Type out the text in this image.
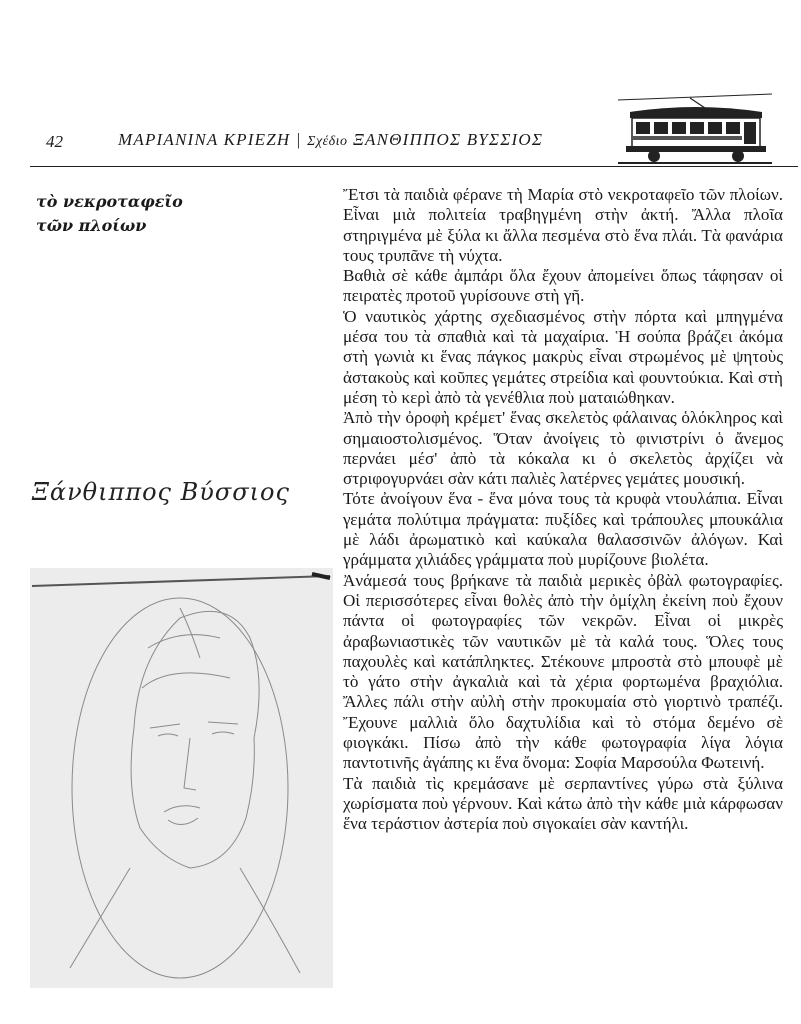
42	ΜΑΡΙΑΝΙΝΑ ΚΡΙΕΖΗ | Σχέδιο ΞΑΝΘΙΠΠΟΣ ΒΥΣΣΙΟΣ
τὸ νεκροταφεῖο
τῶν πλοίων
Ξάνθιππος Βύσσιος

Ἔτσι τὰ παιδιὰ φέρανε τὴ Μαρία στὸ νεκροταφεῖο τῶν πλοίων. Εἶναι μιὰ πολιτεία τραβηγμένη στὴν ἀκτή. Ἄλλα πλοῖα στηριγμένα μὲ ξύλα κι ἄλλα πεσμένα στὸ ἕνα πλάι. Τὰ φανάρια τους τρυπᾶνε τὴ νύχτα.

Βαθιὰ σὲ κάθε ἀμπάρι ὅλα ἔχουν ἀπομείνει ὅπως τάφησαν οἱ πειρατὲς προτοῦ γυρίσουνε στὴ γῆ.

Ὁ ναυτικὸς χάρτης σχεδιασμένος στὴν πόρτα καὶ μπηγμένα μέσα του τὰ σπαθιὰ καὶ τὰ μαχαίρια. Ἡ σούπα βράζει ἀκόμα στὴ γωνιὰ κι ἕνας πάγκος μακρὺς εἶναι στρωμένος μὲ ψητοὺς ἀστακοὺς καὶ κοῦπες γεμάτες στρείδια καὶ φουντούκια. Καὶ στὴ μέση τὸ κερὶ ἀπὸ τὰ γενέθλια ποὺ ματαιώθηκαν.

Ἀπὸ τὴν ὀροφὴ κρέμετ' ἕνας σκελετὸς φάλαινας ὁλόκληρος καὶ σημαιοστολισμένος. Ὅταν ἀνοίγεις τὸ φινιστρίνι ὁ ἄνεμος περνάει μέσ' ἀπὸ τὰ κόκαλα κι ὁ σκελετὸς ἀρχίζει νὰ στριφογυρνάει σὰν κάτι παλιὲς λατέρνες γεμάτες μουσική.

Τότε ἀνοίγουν ἕνα - ἕνα μόνα τους τὰ κρυφὰ ντουλάπια. Εἶναι γεμάτα πολύτιμα πράγματα: πυξίδες καὶ τράπουλες μπουκάλια μὲ λάδι ἀρωματικὸ καὶ καύκαλα θαλασσινῶν ἀλόγων. Καὶ γράμματα χιλιάδες γράμματα ποὺ μυρίζουνε βιολέτα.

Ἀνάμεσά τους βρήκανε τὰ παιδιὰ μερικὲς ὀβὰλ φωτογραφίες. Οἱ περισσότερες εἶναι θολὲς ἀπὸ τὴν ὀμίχλη ἐκείνη ποὺ ἔχουν πάντα οἱ φωτογραφίες τῶν νεκρῶν. Εἶναι οἱ μικρὲς ἀραβωνιαστικὲς τῶν ναυτικῶν μὲ τὰ καλά τους. Ὅλες τους παχουλὲς καὶ κατάπληκτες. Στέκουνε μπροστὰ στὸ μπουφὲ μὲ τὸ γάτο στὴν ἀγκαλιὰ καὶ τὰ χέρια φορτωμένα βραχιόλια. Ἄλλες πάλι στὴν αὐλὴ στὴν προκυμαία στὸ γιορτινὸ τραπέζι. Ἔχουνε μαλλιὰ ὅλο δαχτυλίδια καὶ τὸ στόμα δεμένο σὲ φιογκάκι. Πίσω ἀπὸ τὴν κάθε φωτογραφία λίγα λόγια παντοτινῆς ἀγάπης κι ἕνα ὄνομα: Σοφία Μαρσούλα Φωτεινή.

Τὰ παιδιὰ τὶς κρεμάσανε μὲ σερπαντίνες γύρω στὰ ξύλινα χωρίσματα ποὺ γέρνουν. Καὶ κάτω ἀπὸ τὴν κάθε μιὰ κάρφωσαν ἕνα τεράστιον ἀστερία ποὺ σιγοκαίει σὰν καντήλι.
